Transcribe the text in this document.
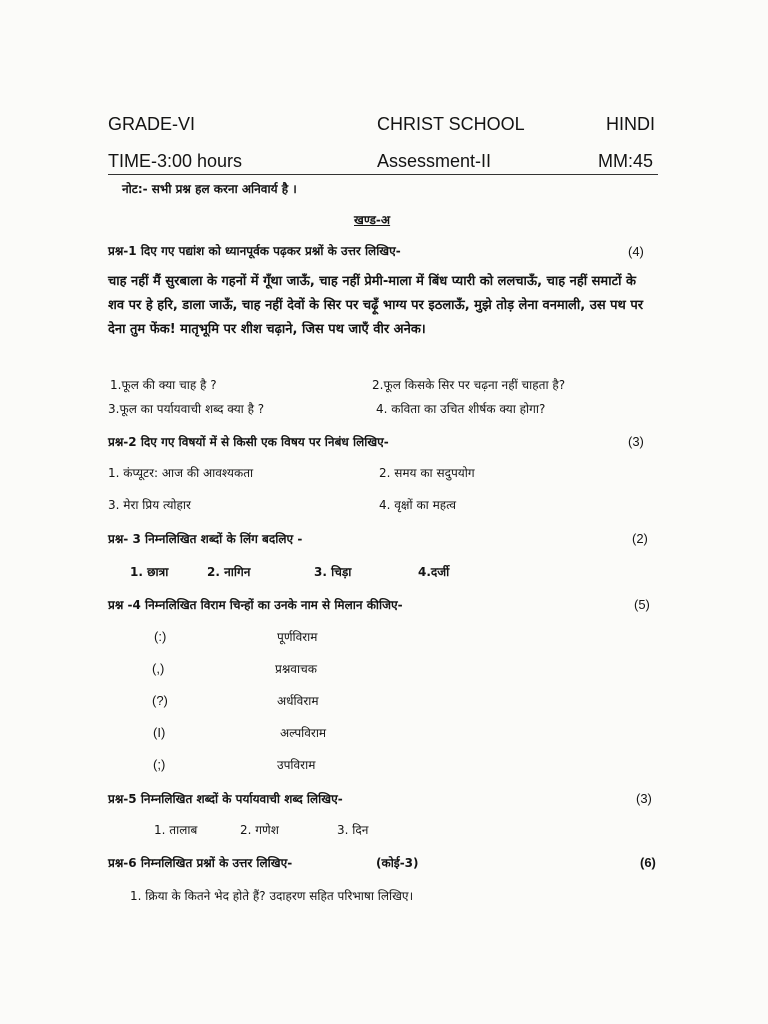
GRADE-VI	CHRIST SCHOOL	HINDI
TIME-3:00 hours	Assessment-II	MM:45
नोट:- सभी प्रश्न हल करना अनिवार्य है ।
खण्ड-अ
प्रश्न-1 दिए गए पद्यांश को ध्यानपूर्वक पढ़कर प्रश्नों के उत्तर लिखिए-	(4)
चाह नहीं मैं सुरबाला के गहनों में गूँथा जाऊँ, चाह नहीं प्रेमी-माला में बिंध प्यारी को ललचाऊँ, चाह नहीं समाटों के शव पर हे हरि, डाला जाऊँ, चाह नहीं देवों के सिर पर चढ़ूँ भाग्य पर इठलाऊँ, मुझे तोड़ लेना वनमाली, उस पथ पर देना तुम फेंक! मातृभूमि पर शीश चढ़ाने, जिस पथ जाएँ वीर अनेक।
1.फूल की क्या चाह है ?	2.फूल किसके सिर पर चढ़ना नहीं चाहता है?
3.फूल का पर्यायवाची शब्द क्या है ?	4. कविता का उचित शीर्षक क्या होगा?
प्रश्न-2 दिए गए विषयों में से किसी एक विषय पर निबंध लिखिए-	(3)
1. कंप्यूटर: आज की आवश्यकता	2. समय का सदुपयोग
3. मेरा प्रिय त्योहार	4. वृक्षों का महत्व
प्रश्न- 3 निम्नलिखित शब्दों के लिंग बदलिए -	(2)
1. छात्रा	2. नागिन	3. चिड़ा	4.दर्जी
प्रश्न -4 निम्नलिखित विराम चिन्हों का उनके नाम से मिलान कीजिए-	(5)
(:)	पूर्णविराम
(,)	प्रश्नवाचक
(?)	अर्धविराम
(I)	अल्पविराम
(;)	उपविराम
प्रश्न-5 निम्नलिखित शब्दों के पर्यायवाची शब्द लिखिए-	(3)
1. तालाब	2. गणेश	3. दिन
प्रश्न-6 निम्नलिखित प्रश्नों के उत्तर लिखिए-	(कोई-3)	(6)
1. क्रिया के कितने भेद होते हैं? उदाहरण सहित परिभाषा लिखिए।
